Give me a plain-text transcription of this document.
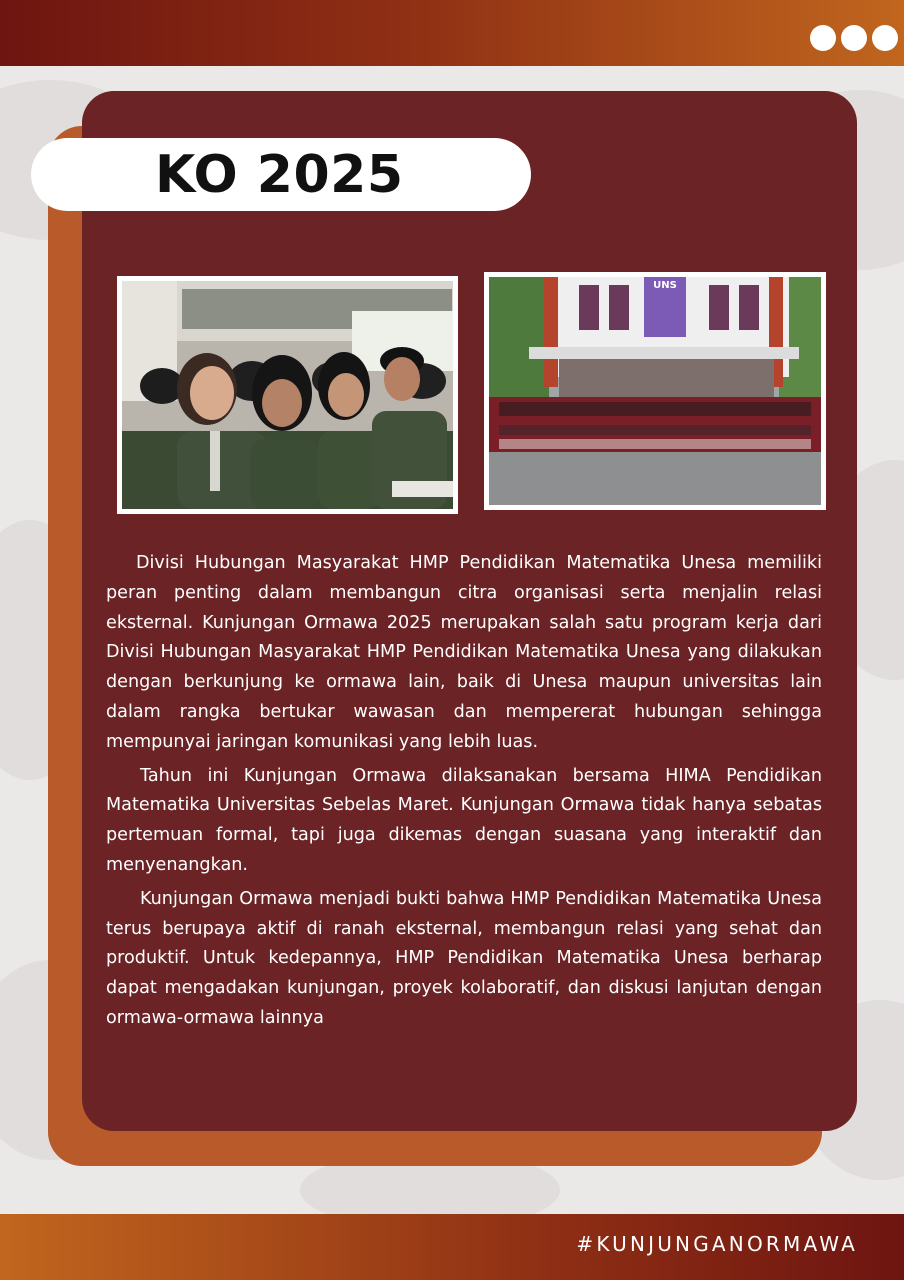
KO 2025
UNS

Divisi Hubungan Masyarakat HMP Pendidikan Matematika Unesa memiliki peran penting dalam membangun citra organisasi serta menjalin relasi eksternal. Kunjungan Ormawa 2025 merupakan salah satu program kerja dari Divisi Hubungan Masyarakat HMP Pendidikan Matematika Unesa yang dilakukan dengan berkunjung ke ormawa lain, baik di Unesa maupun universitas lain dalam rangka bertukar wawasan dan mempererat hubungan sehingga mempunyai jaringan komunikasi yang lebih luas.

Tahun ini Kunjungan Ormawa dilaksanakan bersama HIMA Pendidikan Matematika Universitas Sebelas Maret. Kunjungan Ormawa tidak hanya sebatas pertemuan formal, tapi juga dikemas dengan suasana yang interaktif dan menyenangkan.

Kunjungan Ormawa menjadi bukti bahwa HMP Pendidikan Matematika Unesa terus berupaya aktif di ranah eksternal, membangun relasi yang sehat dan produktif. Untuk kedepannya, HMP Pendidikan Matematika Unesa berharap dapat mengadakan kunjungan, proyek kolaboratif, dan diskusi lanjutan dengan ormawa-ormawa lainnya

#KUNJUNGANORMAWA
